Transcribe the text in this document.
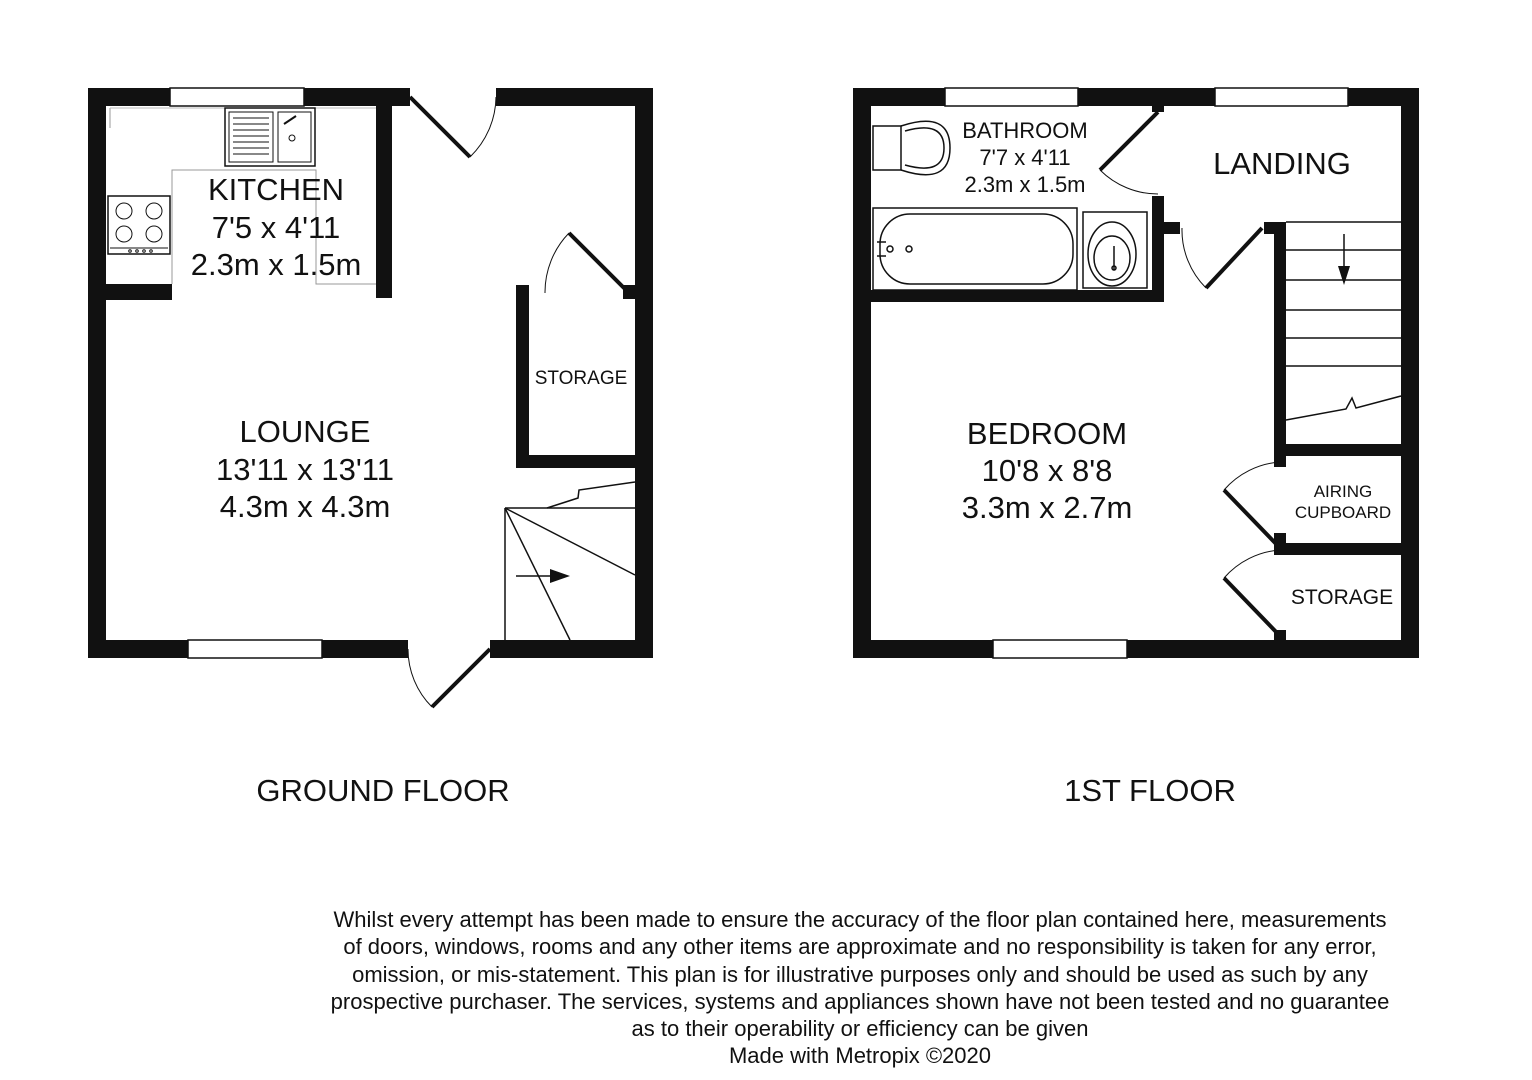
KITCHEN
7'5 x 4'11
2.3m x 1.5m
LOUNGE
13'11 x 13'11
4.3m x 4.3m
STORAGE
GROUND FLOOR
BATHROOM
7'7 x 4'11
2.3m x 1.5m
LANDING
BEDROOM
10'8 x 8'8
3.3m x 2.7m	AIRING
CUPBOARD
STORAGE
1ST FLOOR
Whilst every attempt has been made to ensure the accuracy of the floor plan contained here, measurements
of doors, windows, rooms and any other items are approximate and no responsibility is taken for any error,
omission, or mis-statement. This plan is for illustrative purposes only and should be used as such by any
prospective purchaser. The services, systems and appliances shown have not been tested and no guarantee
as to their operability or efficiency can be given
Made with Metropix ©2020
